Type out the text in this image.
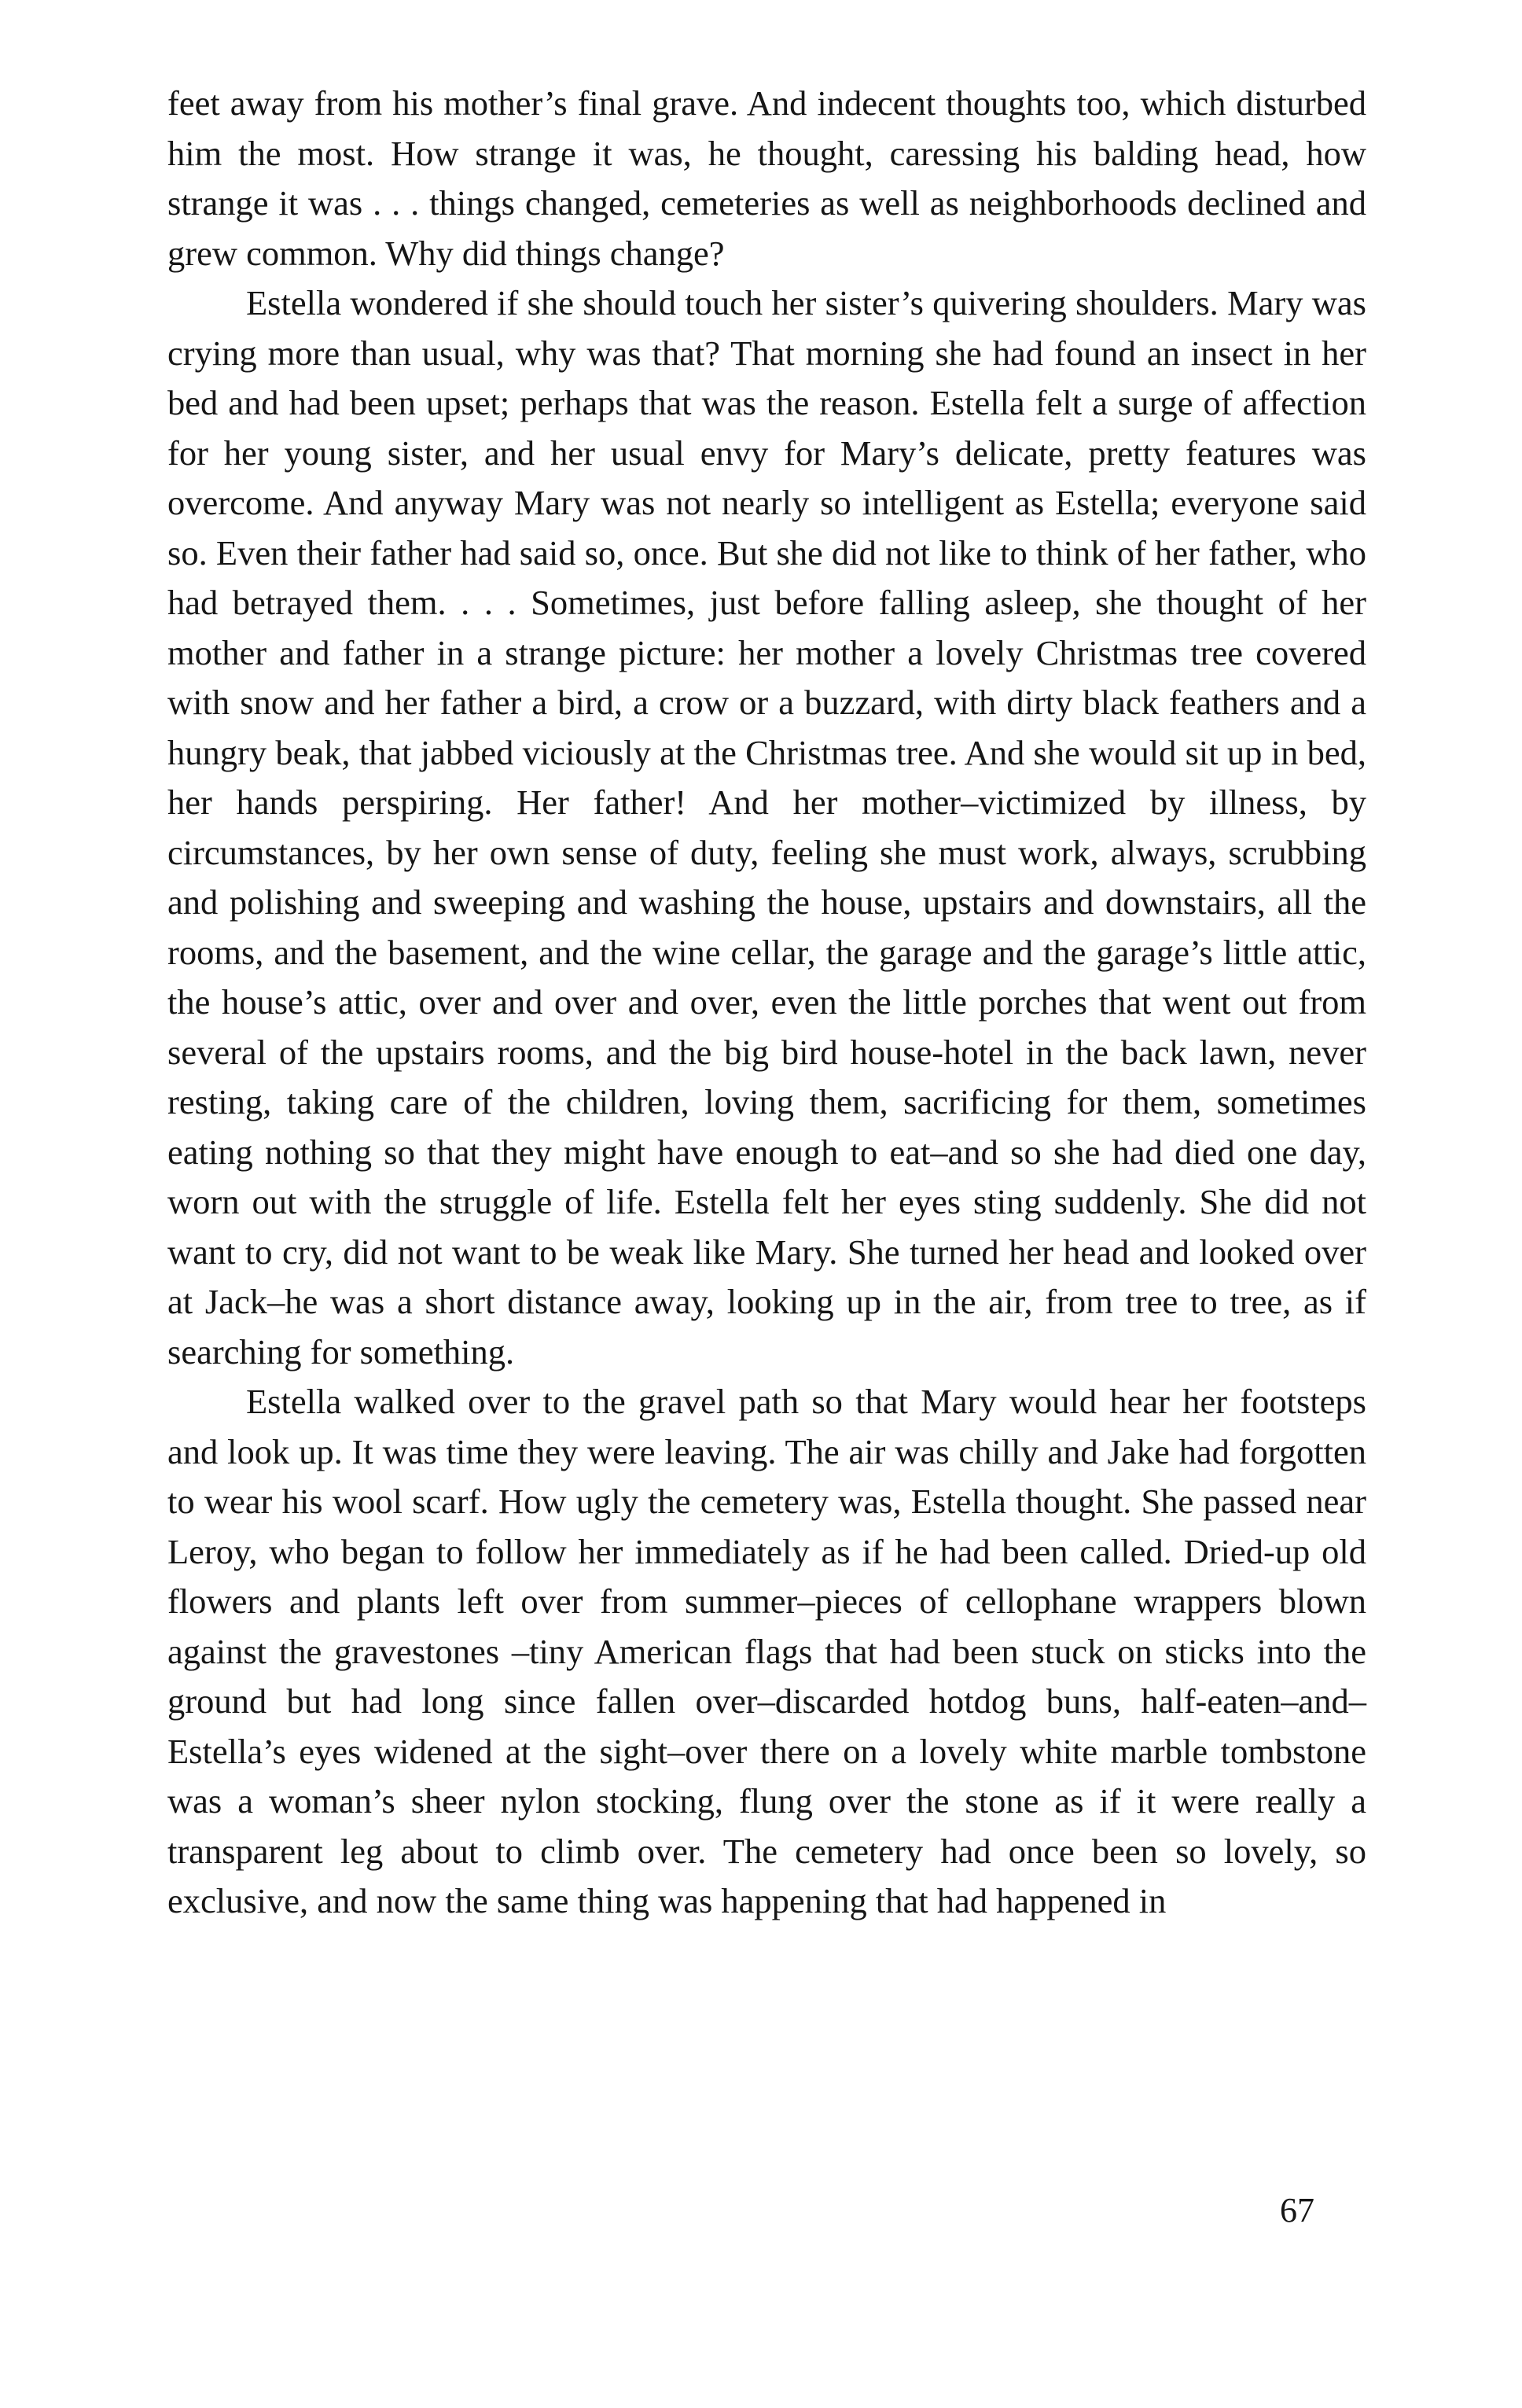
feet away from his mother’s final grave. And indecent thoughts too, which disturbed him the most. How strange it was, he thought, caressing his balding head, how strange it was . . . things changed, cemeteries as well as neighborhoods declined and grew common. Why did things change?

Estella wondered if she should touch her sister’s quivering shoulders. Mary was crying more than usual, why was that? That morning she had found an insect in her bed and had been upset; perhaps that was the reason. Estella felt a surge of affection for her young sister, and her usual envy for Mary’s delicate, pretty features was overcome. And anyway Mary was not nearly so intelligent as Estella; everyone said so. Even their father had said so, once. But she did not like to think of her father, who had betrayed them. . . . Sometimes, just before falling asleep, she thought of her mother and father in a strange picture: her mother a lovely Christmas tree covered with snow and her father a bird, a crow or a buzzard, with dirty black feathers and a hungry beak, that jabbed viciously at the Christmas tree. And she would sit up in bed, her hands perspiring. Her father! And her mother–victimized by illness, by circumstances, by her own sense of duty, feeling she must work, always, scrubbing and polishing and sweeping and washing the house, upstairs and downstairs, all the rooms, and the basement, and the wine cellar, the garage and the garage’s little attic, the house’s attic, over and over and over, even the little porches that went out from several of the upstairs rooms, and the big bird house-hotel in the back lawn, never resting, taking care of the children, loving them, sacrificing for them, sometimes eating nothing so that they might have enough to eat–and so she had died one day, worn out with the struggle of life. Estella felt her eyes sting suddenly. She did not want to cry, did not want to be weak like Mary. She turned her head and looked over at Jack–he was a short distance away, looking up in the air, from tree to tree, as if searching for something.

Estella walked over to the gravel path so that Mary would hear her footsteps and look up. It was time they were leaving. The air was chilly and Jake had forgotten to wear his wool scarf. How ugly the cemetery was, Estella thought. She passed near Leroy, who began to follow her immediately as if he had been called. Dried-up old flowers and plants left over from summer–pieces of cellophane wrappers blown against the gravestones –tiny American flags that had been stuck on sticks into the ground but had long since fallen over–discarded hotdog buns, half-eaten–and–Estella’s eyes widened at the sight–over there on a lovely white marble tombstone was a woman’s sheer nylon stocking, flung over the stone as if it were really a transparent leg about to climb over. The cemetery had once been so lovely, so exclusive, and now the same thing was happening that had happened in

67
